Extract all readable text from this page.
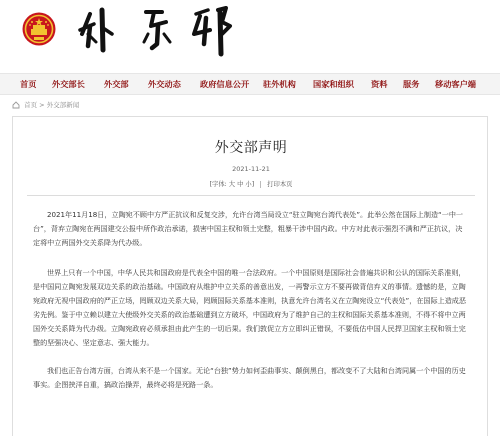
首页 外交部长 外交部 外交动态 政府信息公开 驻外机构 国家和组织 资料 服务 移动客户端
首页 > 外交部新闻
外交部声明
2021-11-21
[字体: 大 中 小] 打印本页

2021年11月18日，立陶宛不顾中方严正抗议和反复交涉，允许台湾当局设立“驻立陶宛台湾代表处”。此举公然在国际上制造“一中一台”，背弃立陶宛在两国建交公报中所作政治承诺，损害中国主权和领土完整，粗暴干涉中国内政。中方对此表示强烈不满和严正抗议，决定将中立两国外交关系降为代办级。

世界上只有一个中国，中华人民共和国政府是代表全中国的唯一合法政府。一个中国原则是国际社会普遍共识和公认的国际关系准则，是中国同立陶宛发展双边关系的政治基础。中国政府从维护中立关系的善意出发，一再警示立方不要再做背信弃义的事情。遗憾的是，立陶宛政府无视中国政府的严正立场，罔顾双边关系大局，罔顾国际关系基本准则，执意允许台湾名义在立陶宛设立“代表处”，在国际上造成恶劣先例。鉴于中立赖以建立大使级外交关系的政治基础遭到立方破坏，中国政府为了维护自己的主权和国际关系基本准则，不得不将中立两国外交关系降为代办级。立陶宛政府必须承担由此产生的一切后果。我们敦促立方立即纠正错误，不要低估中国人民捍卫国家主权和领土完整的坚强决心、坚定意志、强大能力。

我们也正告台湾方面，台湾从来不是一个国家。无论“台独”势力如何歪曲事实、颠倒黑白，都改变不了大陆和台湾同属一个中国的历史事实。企图挟洋自重，搞政治操弄，最终必将是死路一条。
